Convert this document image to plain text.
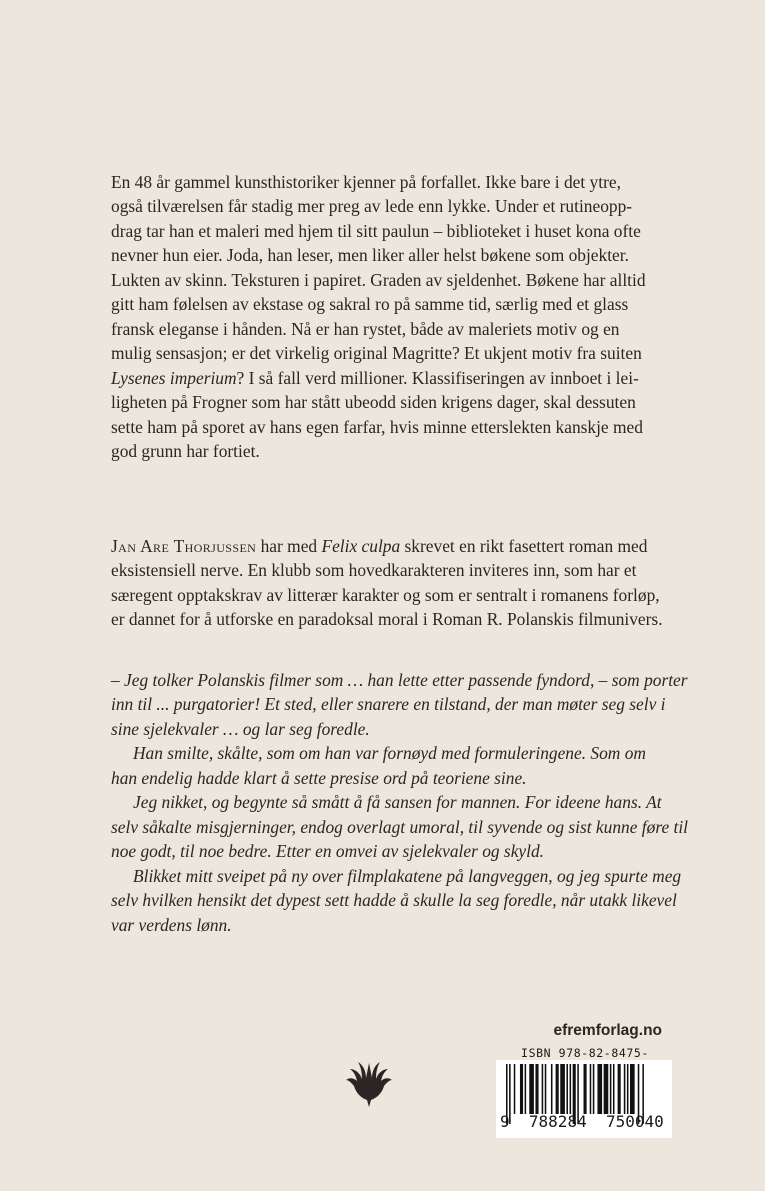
En 48 år gammel kunsthistoriker kjenner på forfallet. Ikke bare i det ytre,
også tilværelsen får stadig mer preg av lede enn lykke. Under et rutineopp-
drag tar han et maleri med hjem til sitt paulun – biblioteket i huset kona ofte
nevner hun eier. Joda, han leser, men liker aller helst bøkene som objekter.
Lukten av skinn. Teksturen i papiret. Graden av sjeldenhet. Bøkene har alltid
gitt ham følelsen av ekstase og sakral ro på samme tid, særlig med et glass
fransk eleganse i hånden. Nå er han rystet, både av maleriets motiv og en
mulig sensasjon; er det virkelig original Magritte? Et ukjent motiv fra suiten
Lysenes imperium? I så fall verd millioner. Klassifiseringen av innboet i lei-
ligheten på Frogner som har stått ubeodd siden krigens dager, skal dessuten
sette ham på sporet av hans egen farfar, hvis minne etterslekten kanskje med
god grunn har fortiet.
Jan Are Thorjussen har med Felix culpa skrevet en rikt fasettert roman med
eksistensiell nerve. En klubb som hovedkarakteren inviteres inn, som har et
særegent opptakskrav av litterær karakter og som er sentralt i romanens forløp,
er dannet for å utforske en paradoksal moral i Roman R. Polanskis filmunivers.
– Jeg tolker Polanskis filmer som … han lette etter passende fyndord, – som porter
inn til ... purgatorier! Et sted, eller snarere en tilstand, der man møter seg selv i
sine sjelekvaler … og lar seg foredle.
Han smilte, skålte, som om han var fornøyd med formuleringene. Som om
han endelig hadde klart å sette presise ord på teoriene sine.
Jeg nikket, og begynte så smått å få sansen for mannen. For ideene hans. At
selv såkalte misgjerninger, endog overlagt umoral, til syvende og sist kunne føre til
noe godt, til noe bedre. Etter en omvei av sjelekvaler og skyld.
Blikket mitt sveipet på ny over filmplakatene på langveggen, og jeg spurte meg
selv hvilken hensikt det dypest sett hadde å skulle la seg foredle, når utakk likevel
var verdens lønn.
efremforlag.no
ISBN 978-82-8475-
9 788284 750040
